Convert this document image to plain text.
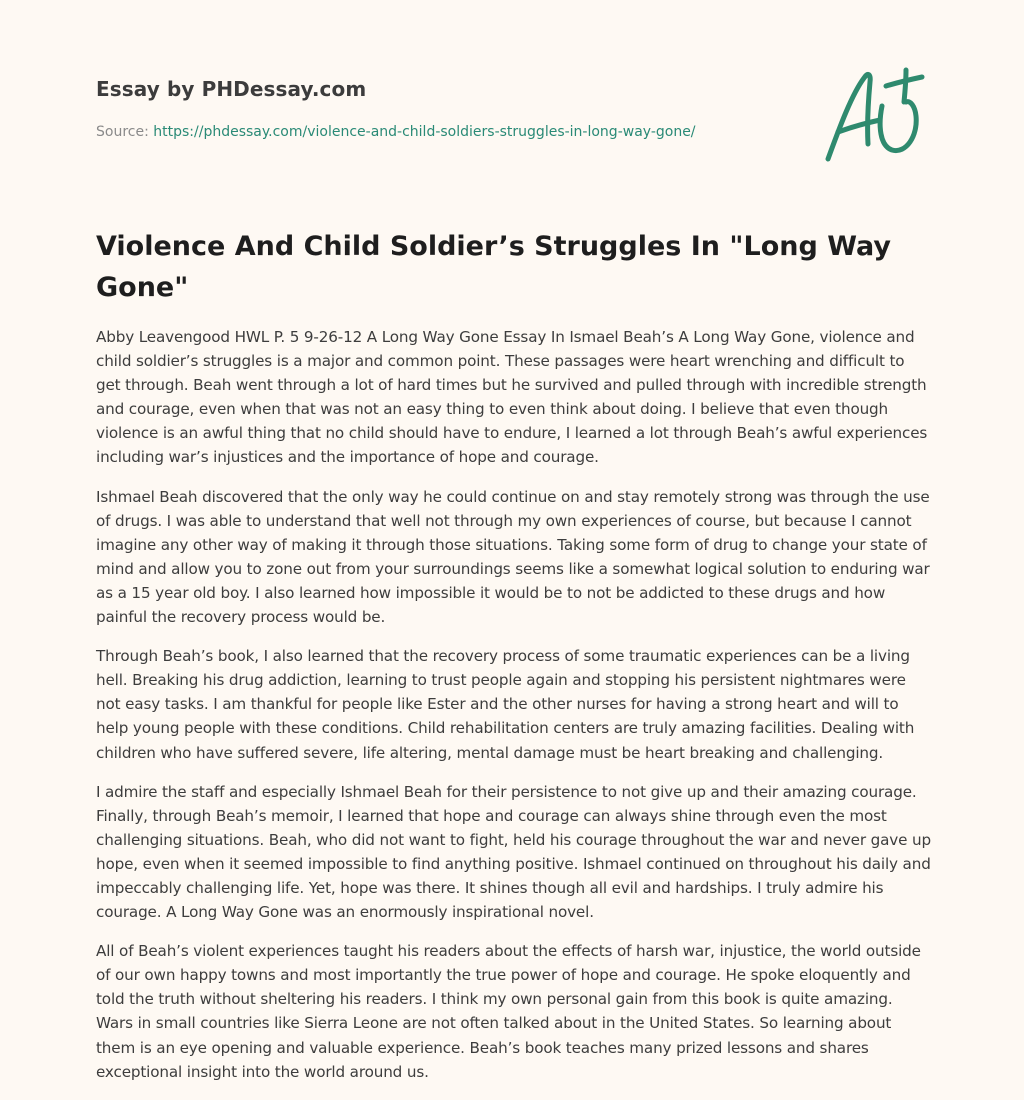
Essay by PHDessay.com

Source: https://phdessay.com/violence-and-child-soldiers-struggles-in-long-way-gone/

Violence And Child Soldier’s Struggles In "Long Way Gone"

Abby Leavengood HWL P. 5 9-26-12 A Long Way Gone Essay In Ismael Beah’s A Long Way Gone, violence and child soldier’s struggles is a major and common point. These passages were heart wrenching and difficult to get through. Beah went through a lot of hard times but he survived and pulled through with incredible strength and courage, even when that was not an easy thing to even think about doing. I believe that even though violence is an awful thing that no child should have to endure, I learned a lot through Beah’s awful experiences including war’s injustices and the importance of hope and courage.

Ishmael Beah discovered that the only way he could continue on and stay remotely strong was through the use of drugs. I was able to understand that well not through my own experiences of course, but because I cannot imagine any other way of making it through those situations. Taking some form of drug to change your state of mind and allow you to zone out from your surroundings seems like a somewhat logical solution to enduring war as a 15 year old boy. I also learned how impossible it would be to not be addicted to these drugs and how painful the recovery process would be.

Through Beah’s book, I also learned that the recovery process of some traumatic experiences can be a living hell. Breaking his drug addiction, learning to trust people again and stopping his persistent nightmares were not easy tasks. I am thankful for people like Ester and the other nurses for having a strong heart and will to help young people with these conditions. Child rehabilitation centers are truly amazing facilities. Dealing with children who have suffered severe, life altering, mental damage must be heart breaking and challenging.

I admire the staff and especially Ishmael Beah for their persistence to not give up and their amazing courage. Finally, through Beah’s memoir, I learned that hope and courage can always shine through even the most challenging situations. Beah, who did not want to fight, held his courage throughout the war and never gave up hope, even when it seemed impossible to find anything positive. Ishmael continued on throughout his daily and impeccably challenging life. Yet, hope was there. It shines though all evil and hardships. I truly admire his courage. A Long Way Gone was an enormously inspirational novel.

All of Beah’s violent experiences taught his readers about the effects of harsh war, injustice, the world outside of our own happy towns and most importantly the true power of hope and courage. He spoke eloquently and told the truth without sheltering his readers. I think my own personal gain from this book is quite amazing. Wars in small countries like Sierra Leone are not often talked about in the United States. So learning about them is an eye opening and valuable experience. Beah’s book teaches many prized lessons and shares exceptional insight into the world around us.
